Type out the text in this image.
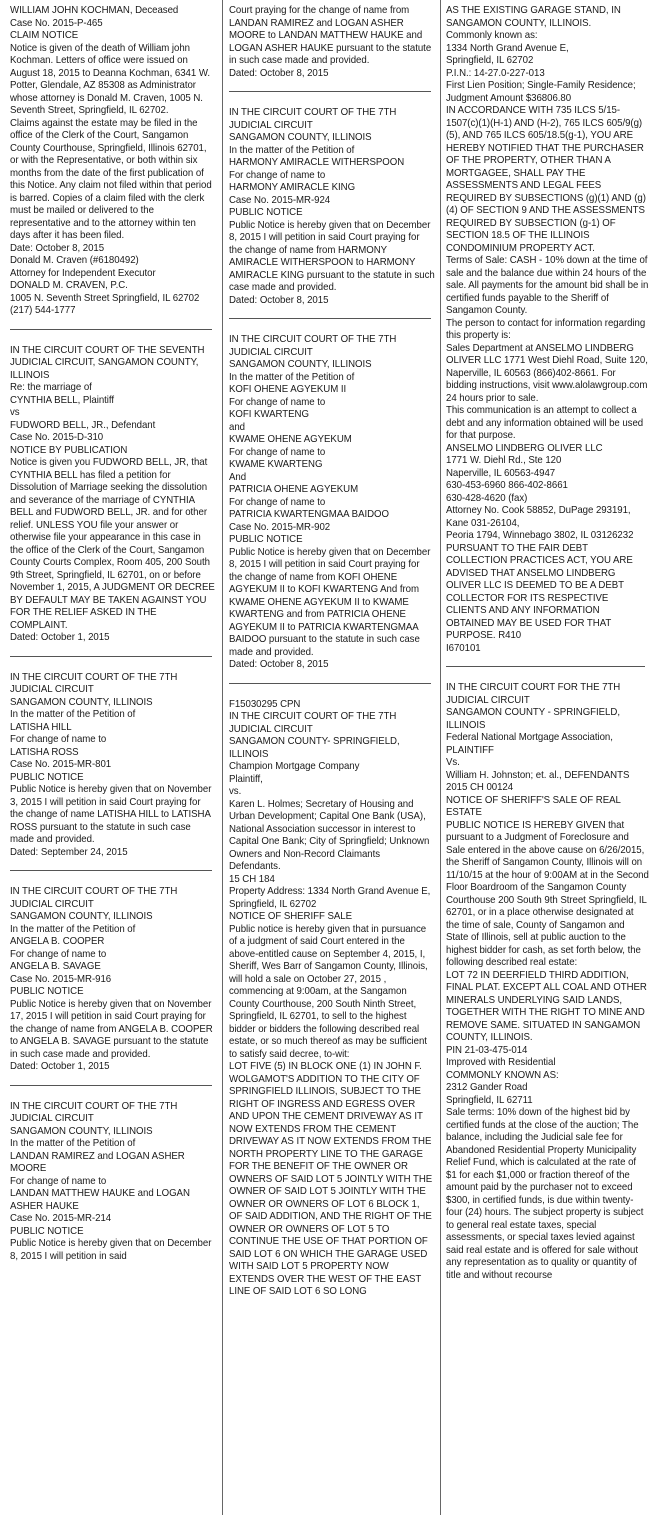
WILLIAM JOHN KOCHMAN, Deceased
Case No. 2015-P-465
CLAIM NOTICE
Notice is given of the death of William john Kochman. Letters of office were issued on August 18, 2015 to Deanna Kochman, 6341 W. Potter, Glendale, AZ 85308 as Administrator whose attorney is Donald M. Craven, 1005 N. Seventh Street, Springfield, IL 62702.
Claims against the estate may be filed in the office of the Clerk of the Court, Sangamon County Courthouse, Springfield, Illinois 62701, or with the Representative, or both within six months from the date of the first publication of this Notice. Any claim not filed within that period is barred. Copies of a claim filed with the clerk must be mailed or delivered to the representative and to the attorney within ten days after it has been filed.
Date: October 8, 2015
Donald M. Craven (#6180492)
Attorney for Independent Executor
DONALD M. CRAVEN, P.C.
1005 N. Seventh Street Springfield, IL 62702
(217) 544-1777

IN THE CIRCUIT COURT OF THE SEVENTH JUDICIAL CIRCUIT, SANGAMON COUNTY, ILLINOIS
Re: the marriage of
CYNTHIA BELL, Plaintiff
vs
FUDWORD BELL, JR., Defendant
Case No. 2015-D-310
NOTICE BY PUBLICATION
Notice is given you FUDWORD BELL, JR, that CYNTHIA BELL has filed a petition for Dissolution of Marriage seeking the dissolution and severance of the marriage of CYNTHIA BELL and FUDWORD BELL, JR. and for other relief. UNLESS YOU file your answer or otherwise file your appearance in this case in the office of the Clerk of the Court, Sangamon County Courts Complex, Room 405, 200 South 9th Street, Springfield, IL 62701, on or before November 1, 2015, A JUDGMENT OR DECREE BY DEFAULT MAY BE TAKEN AGAINST YOU FOR THE RELIEF ASKED IN THE COMPLAINT.
Dated: October 1, 2015

IN THE CIRCUIT COURT OF THE 7TH JUDICIAL CIRCUIT
SANGAMON COUNTY, ILLINOIS
In the matter of the Petition of
LATISHA HILL
For change of name to
LATISHA ROSS
Case No. 2015-MR-801
PUBLIC NOTICE
Public Notice is hereby given that on November 3, 2015 I will petition in said Court praying for the change of name LATISHA HILL to LATISHA ROSS pursuant to the statute in such case made and provided.
Dated: September 24, 2015

IN THE CIRCUIT COURT OF THE 7TH JUDICIAL CIRCUIT
SANGAMON COUNTY, ILLINOIS
In the matter of the Petition of
ANGELA B. COOPER
For change of name to
ANGELA B. SAVAGE
Case No. 2015-MR-916
PUBLIC NOTICE
Public Notice is hereby given that on November 17, 2015 I will petition in said Court praying for the change of name from ANGELA B. COOPER to ANGELA B. SAVAGE pursuant to the statute in such case made and provided.
Dated: October 1, 2015

IN THE CIRCUIT COURT OF THE 7TH JUDICIAL CIRCUIT
SANGAMON COUNTY, ILLINOIS
In the matter of the Petition of
LANDAN RAMIREZ and LOGAN ASHER MOORE
For change of name to
LANDAN MATTHEW HAUKE and LOGAN ASHER HAUKE
Case No. 2015-MR-214
PUBLIC NOTICE
Public Notice is hereby given that on December 8, 2015 I will petition in said

Court praying for the change of name from LANDAN RAMIREZ and LOGAN ASHER MOORE to LANDAN MATTHEW HAUKE and LOGAN ASHER HAUKE pursuant to the statute in such case made and provided.
Dated: October 8, 2015

IN THE CIRCUIT COURT OF THE 7TH JUDICIAL CIRCUIT
SANGAMON COUNTY, ILLINOIS
In the matter of the Petition of
HARMONY AMIRACLE WITHERSPOON
For change of name to
HARMONY AMIRACLE KING
Case No. 2015-MR-924
PUBLIC NOTICE
Public Notice is hereby given that on December 8, 2015 I will petition in said Court praying for the change of name from HARMONY AMIRACLE WITHERSPOON to HARMONY AMIRACLE KING pursuant to the statute in such case made and provided.
Dated: October 8, 2015

IN THE CIRCUIT COURT OF THE 7TH JUDICIAL CIRCUIT
SANGAMON COUNTY, ILLINOIS
In the matter of the Petition of
KOFI OHENE AGYEKUM II
For change of name to
KOFI KWARTENG
and
KWAME OHENE AGYEKUM
For change of name to
KWAME KWARTENG
And
PATRICIA OHENE AGYEKUM
For change of name to
PATRICIA KWARTENGMAA BAIDOO
Case No. 2015-MR-902
PUBLIC NOTICE
Public Notice is hereby given that on December 8, 2015 I will petition in said Court praying for the change of name from KOFI OHENE AGYEKUM II to KOFI KWARTENG And from KWAME OHENE AGYEKUM II to KWAME KWARTENG and from PATRICIA OHENE AGYEKUM II to PATRICIA KWARTENGMAA BAIDOO pursuant to the statute in such case made and provided.
Dated: October 8, 2015

F15030295 CPN
IN THE CIRCUIT COURT OF THE 7TH JUDICIAL CIRCUIT
SANGAMON COUNTY- SPRINGFIELD, ILLINOIS
Champion Mortgage Company
Plaintiff,
vs.
Karen L. Holmes; Secretary of Housing and Urban Development; Capital One Bank (USA), National Association successor in interest to Capital One Bank; City of Springfield; Unknown Owners and Non-Record Claimants
Defendants.
15 CH 184
Property Address: 1334 North Grand Avenue E, Springfield, IL 62702
NOTICE OF SHERIFF SALE
Public notice is hereby given that in pursuance of a judgment of said Court entered in the above-entitled cause on September 4, 2015, I, Sheriff, Wes Barr of Sangamon County, Illinois, will hold a sale on October 27, 2015 , commencing at 9:00am, at the Sangamon County Courthouse, 200 South Ninth Street, Springfield, IL 62701, to sell to the highest bidder or bidders the following described real estate, or so much thereof as may be sufficient to satisfy said decree, to-wit:
LOT FIVE (5) IN BLOCK ONE (1) IN JOHN F. WOLGAMOT'S ADDITION TO THE CITY OF SPRINGFIELD ILLINOIS, SUBJECT TO THE RIGHT OF INGRESS AND EGRESS OVER AND UPON THE CEMENT DRIVEWAY AS IT NOW EXTENDS FROM THE CEMENT DRIVEWAY AS IT NOW EXTENDS FROM THE NORTH PROPERTY LINE TO THE GARAGE FOR THE BENEFIT OF THE OWNER OR OWNERS OF SAID LOT 5 JOINTLY WITH THE OWNER OF SAID LOT 5 JOINTLY WITH THE OWNER OR OWNERS OF LOT 6 BLOCK 1, OF SAID ADDITION, AND THE RIGHT OF THE OWNER OR OWNERS OF LOT 5 TO CONTINUE THE USE OF THAT PORTION OF SAID LOT 6 ON WHICH THE GARAGE USED WITH SAID LOT 5 PROPERTY NOW EXTENDS OVER THE WEST OF THE EAST LINE OF SAID LOT 6 SO LONG

AS THE EXISTING GARAGE STAND, IN SANGAMON COUNTY, ILLINOIS.
Commonly known as:
1334 North Grand Avenue E,
Springfield, IL 62702
P.I.N.: 14-27.0-227-013
First Lien Position; Single-Family Residence; Judgment Amount $36806.80
IN ACCORDANCE WITH 735 ILCS 5/15-1507(c)(1)(H-1) AND (H-2), 765 ILCS 605/9(g)(5), AND 765 ILCS 605/18.5(g-1), YOU ARE HEREBY NOTIFIED THAT THE PURCHASER OF THE PROPERTY, OTHER THAN A MORTGAGEE, SHALL PAY THE ASSESSMENTS AND LEGAL FEES REQUIRED BY SUBSECTIONS (g)(1) AND (g)(4) OF SECTION 9 AND THE ASSESSMENTS REQUIRED BY SUBSECTION (g-1) OF SECTION 18.5 OF THE ILLINOIS CONDOMINIUM PROPERTY ACT.
Terms of Sale: CASH - 10% down at the time of sale and the balance due within 24 hours of the sale. All payments for the amount bid shall be in certified funds payable to the Sheriff of Sangamon County.
The person to contact for information regarding this property is:
Sales Department at ANSELMO LINDBERG OLIVER LLC 1771 West Diehl Road, Suite 120, Naperville, IL 60563 (866)402-8661. For bidding instructions, visit www.alolawgroup.com 24 hours prior to sale.
This communication is an attempt to collect a debt and any information obtained will be used for that purpose.
ANSELMO LINDBERG OLIVER LLC
1771 W. Diehl Rd., Ste 120
Naperville, IL 60563-4947
630-453-6960 866-402-8661
630-428-4620 (fax)
Attorney No. Cook 58852, DuPage 293191, Kane 031-26104,
Peoria 1794, Winnebago 3802, IL 03126232
PURSUANT TO THE FAIR DEBT COLLECTION PRACTICES ACT, YOU ARE ADVISED THAT ANSELMO LINDBERG OLIVER LLC IS DEEMED TO BE A DEBT COLLECTOR FOR ITS RESPECTIVE CLIENTS AND ANY INFORMATION OBTAINED MAY BE USED FOR THAT PURPOSE. R410
I670101

IN THE CIRCUIT COURT FOR THE 7TH JUDICIAL CIRCUIT
SANGAMON COUNTY - SPRINGFIELD, ILLINOIS
Federal National Mortgage Association, PLAINTIFF
Vs.
William H. Johnston; et. al., DEFENDANTS
2015 CH 00124
NOTICE OF SHERIFF'S SALE OF REAL ESTATE
PUBLIC NOTICE IS HEREBY GIVEN that pursuant to a Judgment of Foreclosure and Sale entered in the above cause on 6/26/2015, the Sheriff of Sangamon County, Illinois will on 11/10/15 at the hour of 9:00AM at in the Second Floor Boardroom of the Sangamon County Courthouse 200 South 9th Street Springfield, IL 62701, or in a place otherwise designated at the time of sale, County of Sangamon and State of Illinois, sell at public auction to the highest bidder for cash, as set forth below, the following described real estate:
LOT 72 IN DEERFIELD THIRD ADDITION, FINAL PLAT. EXCEPT ALL COAL AND OTHER MINERALS UNDERLYING SAID LANDS, TOGETHER WITH THE RIGHT TO MINE AND REMOVE SAME. SITUATED IN SANGAMON COUNTY, ILLINOIS.
PIN 21-03-475-014
Improved with Residential
COMMONLY KNOWN AS:
2312 Gander Road
Springfield, IL 62711
Sale terms: 10% down of the highest bid by certified funds at the close of the auction; The balance, including the Judicial sale fee for Abandoned Residential Property Municipality Relief Fund, which is calculated at the rate of $1 for each $1,000 or fraction thereof of the amount paid by the purchaser not to exceed $300, in certified funds, is due within twenty-four (24) hours. The subject property is subject to general real estate taxes, special assessments, or special taxes levied against said real estate and is offered for sale without any representation as to quality or quantity of title and without recourse
